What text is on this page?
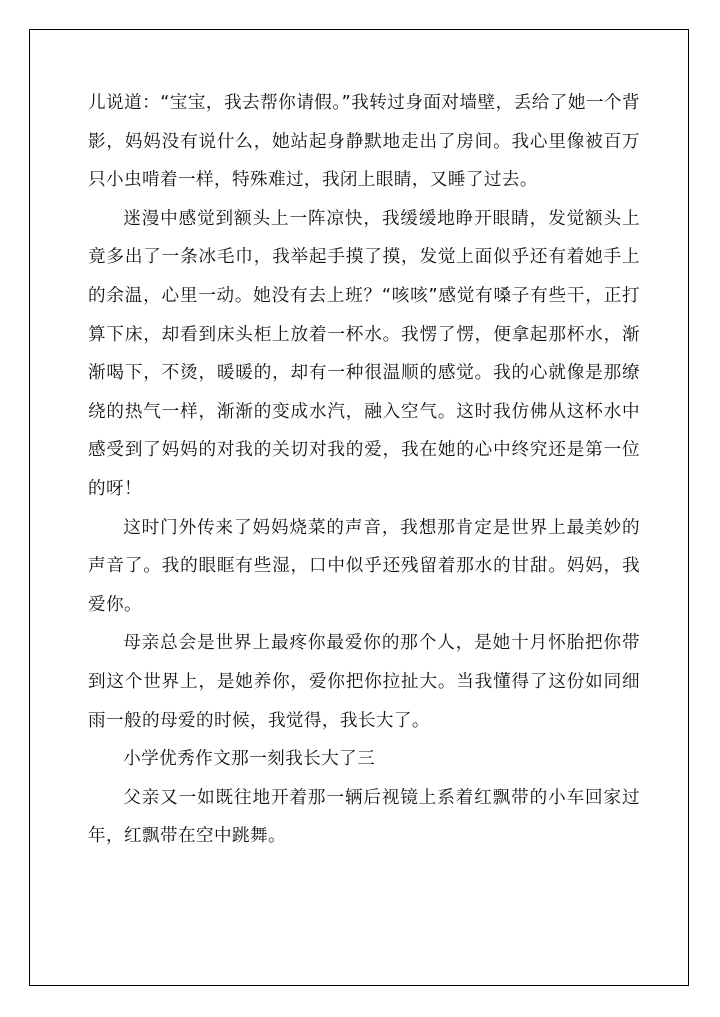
儿说道：“宝宝，我去帮你请假。”我转过身面对墙壁，丢给了她一个背影，妈妈没有说什么，她站起身静默地走出了房间。我心里像被百万只小虫啃着一样，特殊难过，我闭上眼睛，又睡了过去。

迷漫中感觉到额头上一阵凉快，我缓缓地睁开眼睛，发觉额头上竟多出了一条冰毛巾，我举起手摸了摸，发觉上面似乎还有着她手上的余温，心里一动。她没有去上班？“咳咳”感觉有嗓子有些干，正打算下床，却看到床头柜上放着一杯水。我愣了愣，便拿起那杯水，渐渐喝下，不烫，暖暖的，却有一种很温顺的感觉。我的心就像是那缭绕的热气一样，渐渐的变成水汽，融入空气。这时我仿佛从这杯水中感受到了妈妈的对我的关切对我的爱，我在她的心中终究还是第一位的呀！

这时门外传来了妈妈烧菜的声音，我想那肯定是世界上最美妙的声音了。我的眼眶有些湿，口中似乎还残留着那水的甘甜。妈妈，我爱你。

母亲总会是世界上最疼你最爱你的那个人，是她十月怀胎把你带到这个世界上，是她养你，爱你把你拉扯大。当我懂得了这份如同细雨一般的母爱的时候，我觉得，我长大了。

小学优秀作文那一刻我长大了三

父亲又一如既往地开着那一辆后视镜上系着红飘带的小车回家过年，红飘带在空中跳舞。
